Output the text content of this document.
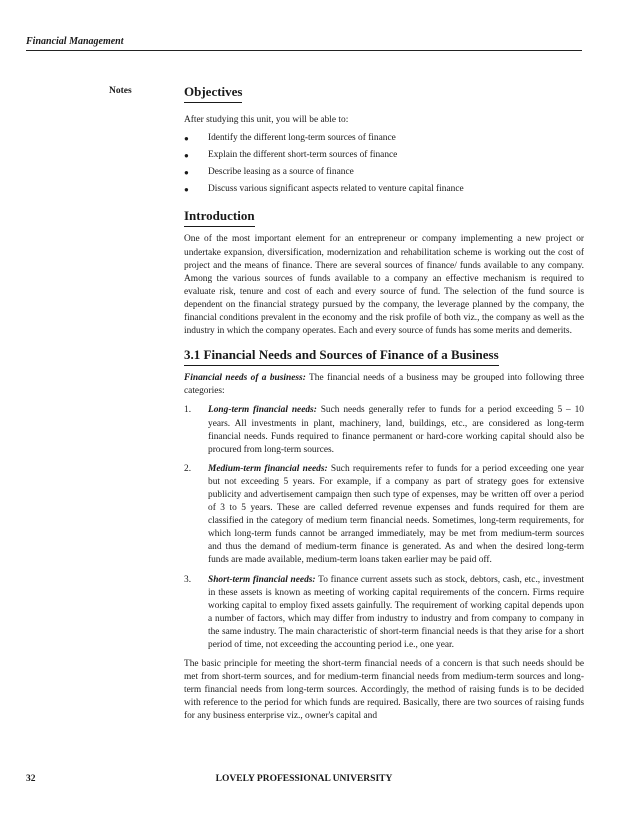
Financial Management
Notes	Objectives

After studying this unit, you will be able to:

● Identify the different long-term sources of finance
● Explain the different short-term sources of finance
● Describe leasing as a source of finance
● Discuss various significant aspects related to venture capital finance
Introduction

One of the most important element for an entrepreneur or company implementing a new project or undertake expansion, diversification, modernization and rehabilitation scheme is working out the cost of project and the means of finance. There are several sources of finance/ funds available to any company. Among the various sources of funds available to a company an effective mechanism is required to evaluate risk, tenure and cost of each and every source of fund. The selection of the fund source is dependent on the financial strategy pursued by the company, the leverage planned by the company, the financial conditions prevalent in the economy and the risk profile of both viz., the company as well as the industry in which the company operates. Each and every source of funds has some merits and demerits.

3.1 Financial Needs and Sources of Finance of a Business

Financial needs of a business: The financial needs of a business may be grouped into following three categories:

1. Long-term financial needs: Such needs generally refer to funds for a period exceeding 5 – 10 years. All investments in plant, machinery, land, buildings, etc., are considered as long-term financial needs. Funds required to finance permanent or hard-core working capital should also be procured from long-term sources.
2. Medium-term financial needs: Such requirements refer to funds for a period exceeding one year but not exceeding 5 years. For example, if a company as part of strategy goes for extensive publicity and advertisement campaign then such type of expenses, may be written off over a period of 3 to 5 years. These are called deferred revenue expenses and funds required for them are classified in the category of medium term financial needs. Sometimes, long-term requirements, for which long-term funds cannot be arranged immediately, may be met from medium-term sources and thus the demand of medium-term finance is generated. As and when the desired long-term funds are made available, medium-term loans taken earlier may be paid off.
3. Short-term financial needs: To finance current assets such as stock, debtors, cash, etc., investment in these assets is known as meeting of working capital requirements of the concern. Firms require working capital to employ fixed assets gainfully. The requirement of working capital depends upon a number of factors, which may differ from industry to industry and from company to company in the same industry. The main characteristic of short-term financial needs is that they arise for a short period of time, not exceeding the accounting period i.e., one year.

The basic principle for meeting the short-term financial needs of a concern is that such needs should be met from short-term sources, and for medium-term financial needs from medium-term sources and long-term financial needs from long-term sources. Accordingly, the method of raising funds is to be decided with reference to the period for which funds are required. Basically, there are two sources of raising funds for any business enterprise viz., owner's capital and

32	LOVELY PROFESSIONAL UNIVERSITY
